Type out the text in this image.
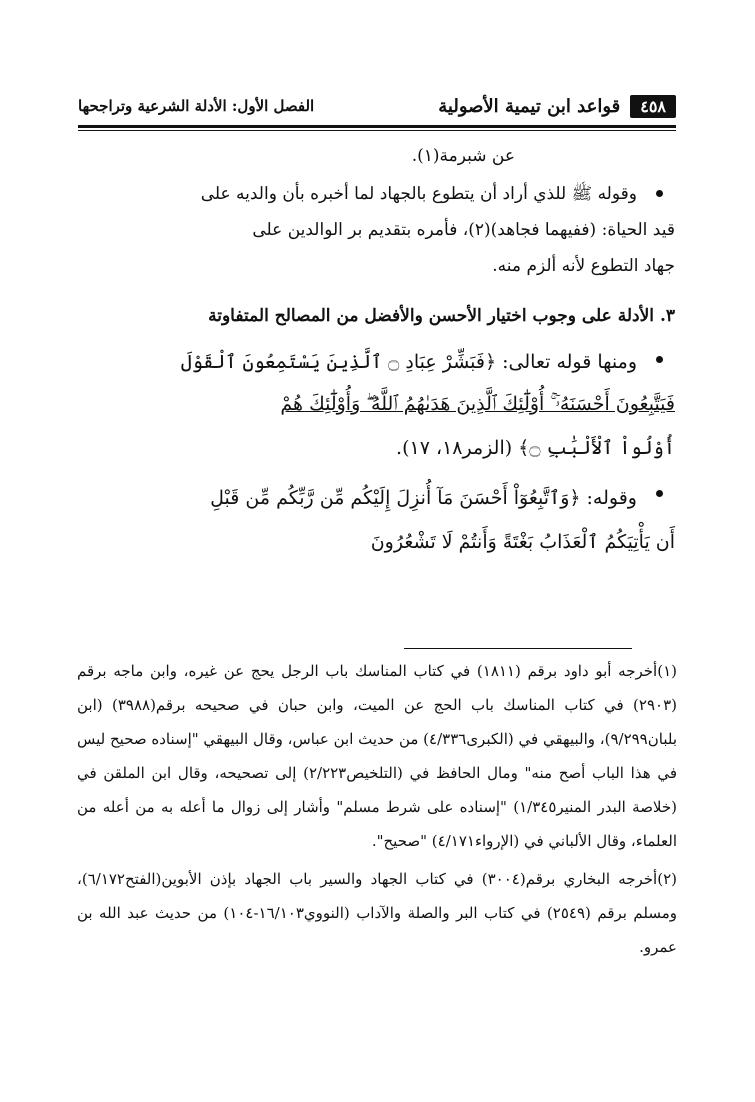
الفصل الأول: الأدلة الشرعية وتراجحها	قواعد ابن تيمية الأصولية	٤٥٨

عن شبرمة(١).

وقوله ﷺ للذي أراد أن يتطوع بالجهاد لما أخبره بأن والديه على

قيد الحياة: (ففيهما فجاهد)(٢)، فأمره بتقديم بر الوالدين على

جهاد التطوع لأنه ألزم منه.

٣. الأدلة على وجوب اختيار الأحسن والأفضل من المصالح المتفاوتة

ومنها قوله تعالى: ﴿فَبَشِّرْ عِبَادِ ۝ ٱلَّذِينَ يَسْتَمِعُونَ ٱلْقَوْلَ

فَيَتَّبِعُونَ أَحْسَنَهُۥٓ ۚ أُوْلَٰٓئِكَ ٱلَّذِينَ هَدَىٰهُمُ ٱللَّهُ ۖ وَأُوْلَٰٓئِكَ هُمْ

أُوْلُواْ ٱلْأَلْبَٰبِ ۝﴾ (الزمر١٨، ١٧).

وقوله: ﴿وَٱتَّبِعُوٓاْ أَحْسَنَ مَآ أُنزِلَ إِلَيْكُم مِّن رَّبِّكُم مِّن قَبْلِ

أَن يَأْتِيَكُمُ ٱلْعَذَابُ بَغْتَةً وَأَنتُمْ لَا تَشْعُرُونَ

(١)أخرجه أبو داود برقم (١٨١١) في كتاب المناسك باب الرجل يحج عن غيره، وابن ماجه برقم (٢٩٠٣) في كتاب المناسك باب الحج عن الميت، وابن حبان في صحيحه برقم(٣٩٨٨) (ابن بلبان٩/٢٩٩)، والبيهقي في (الكبرى٤/٣٣٦) من حديث ابن عباس، وقال البيهقي "إسناده صحيح ليس في هذا الباب أصح منه" ومال الحافظ في (التلخيص٢/٢٢٣) إلى تصحيحه، وقال ابن الملقن في (خلاصة البدر المنير١/٣٤٥) "إسناده على شرط مسلم" وأشار إلى زوال ما أعله به من أعله من العلماء، وقال الألباني في (الإرواء٤/١٧١) "صحيح".

(٢)أخرجه البخاري برقم(٣٠٠٤) في كتاب الجهاد والسير باب الجهاد بإذن الأبوين(الفتح٦/١٧٢)، ومسلم برقم (٢٥٤٩) في كتاب البر والصلة والآداب (النووي١٦/١٠٣-١٠٤) من حديث عبد الله بن عمرو.
